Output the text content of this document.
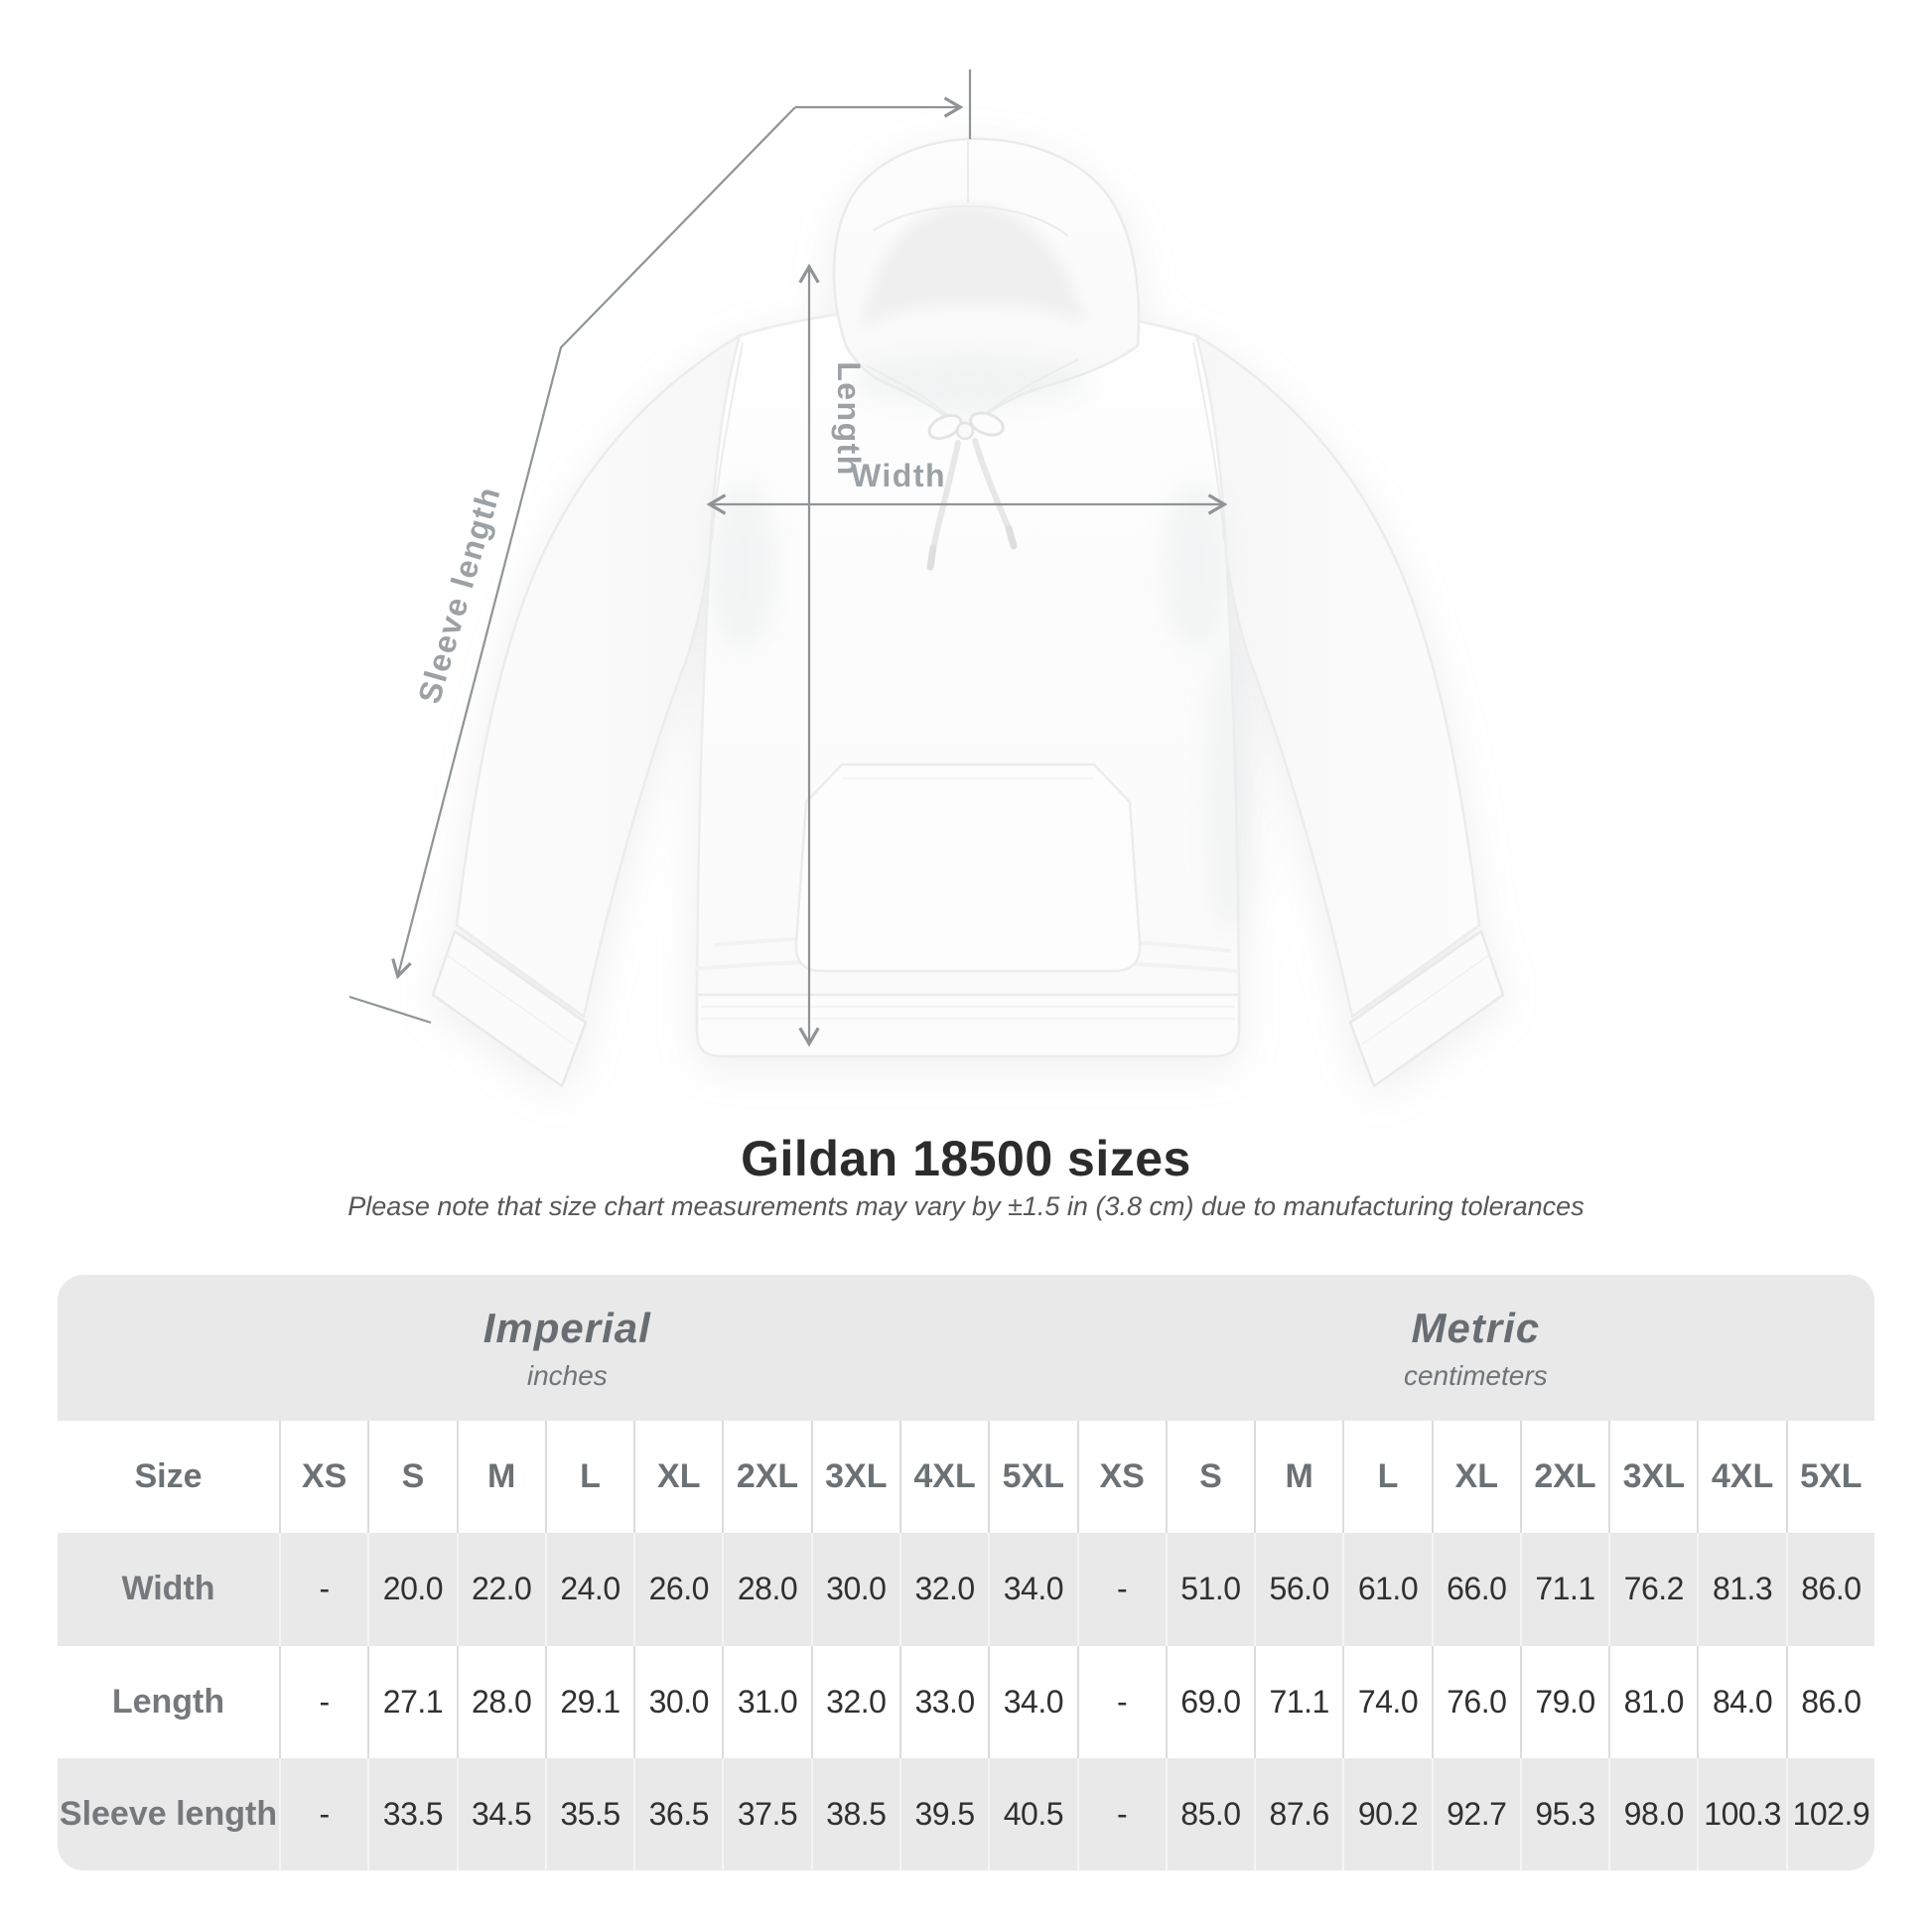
Width
Length
Sleeve length
Gildan 18500 sizes

Please note that size chart measurements may vary by ±1.5 in (3.8 cm) due to manufacturing tolerances

Imperial
inches
Metric
centimeters
Size	XS	S	M	L	XL	2XL 3XL 4XL 5XL	XS	S	M	L	XL	2XL 3XL 4XL 5XL
Width	-	20.0 22.0 24.0 26.0 28.0 30.0 32.0 34.0	-	51.0 56.0 61.0 66.0 71.1 76.2 81.3 86.0
Length	-	27.1 28.0 29.1 30.0 31.0 32.0 33.0 34.0	-	69.0 71.1 74.0 76.0 79.0 81.0 84.0 86.0
Sleeve length	-	33.5 34.5 35.5 36.5 37.5 38.5 39.5 40.5	-	85.0 87.6 90.2 92.7 95.3 98.0 100.3 102.9
